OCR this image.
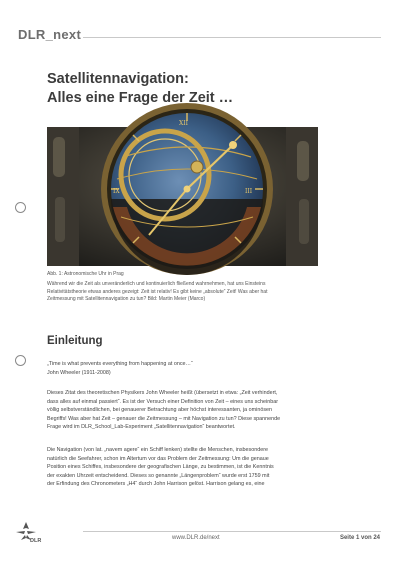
DLR_next
Satellitennavigation:
Alles eine Frage der Zeit …
XII
III
IX
Abb. 1: Astronomische Uhr in Prag
Während wir die Zeit als unveränderlich und kontinuierlich fließend wahrnehmen, hat uns Einsteins
Relativitätstheorie etwas anderes gezeigt: Zeit ist relativ! Es gibt keine „absolute“ Zeit! Was aber hat
Zeitmessung mit Satellitennavigation zu tun? Bild: Martin Meier (Marco)
Einleitung
„Time is what prevents everything from happening at once…“
John Wheeler (1911-2008)
Dieses Zitat des theoretischen Physikers John Wheeler heißt (übersetzt in etwa: „Zeit verhindert,
dass alles auf einmal passiert“. Es ist der Versuch einer Definition von Zeit – eines uns scheinbar
völlig selbstverständlichen, bei genauerer Betrachtung aber höchst interessanten, ja ominösen
Begriffs! Was aber hat Zeit – genauer die Zeitmessung – mit Navigation zu tun? Diese spannende
Frage wird im DLR_School_Lab-Experiment „Satellitennavigation“ beantwortet.
Die Navigation (von lat. „navem agere“ ein Schiff lenken) stellte die Menschen, insbesondere
natürlich die Seefahrer, schon im Altertum vor das Problem der Zeitmessung: Um die genaue
Position eines Schiffes, insbesondere der geografischen Länge, zu bestimmen, ist die Kenntnis
der exakten Uhrzeit entscheidend. Dieses so genannte „Längenproblem“ wurde erst 1759 mit
der Erfindung des Chronometers „H4“ durch John Harrison gelöst. Harrison gelang es, eine
DLR	www.DLR.de/next	Seite 1 von 24
